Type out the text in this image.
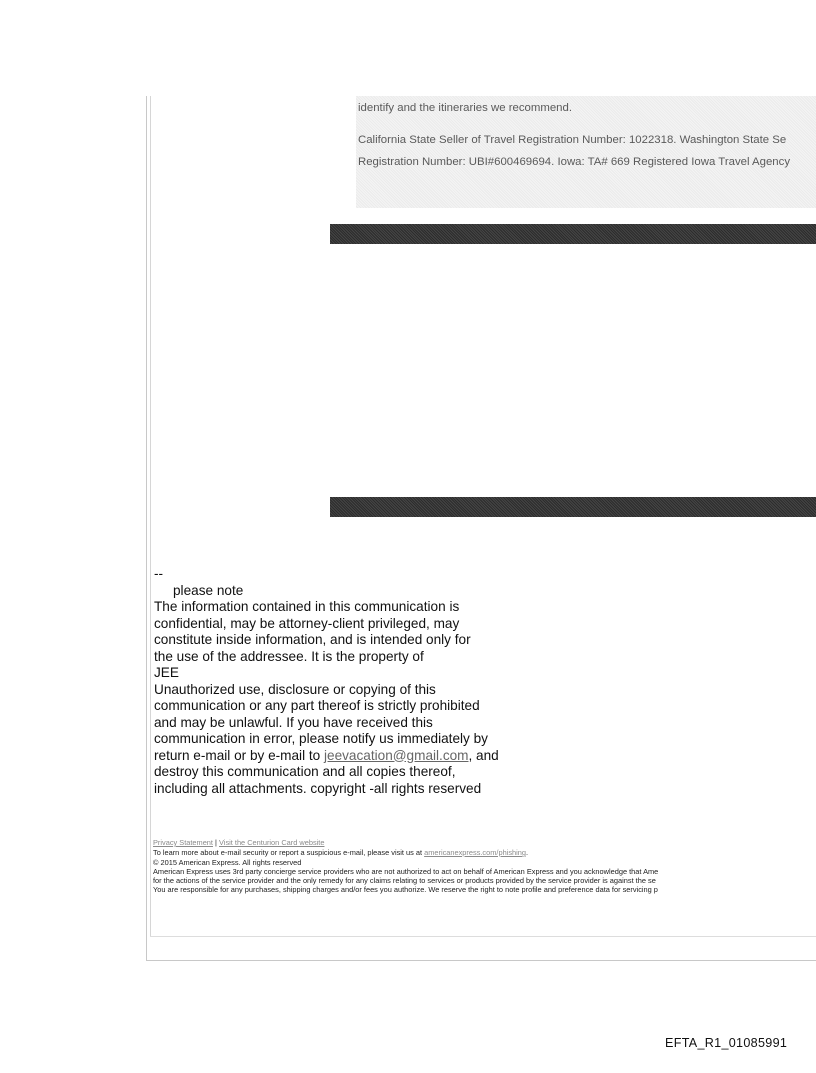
identify and the itineraries we recommend.
California State Seller of Travel Registration Number: 1022318. Washington State Se
Registration Number: UBI#600469694. Iowa: TA# 669 Registered Iowa Travel Agency
--
please note
The information contained in this communication is
confidential, may be attorney-client privileged, may
constitute inside information, and is intended only for
the use of the addressee. It is the property of
JEE
Unauthorized use, disclosure or copying of this
communication or any part thereof is strictly prohibited
and may be unlawful. If you have received this
communication in error, please notify us immediately by
return e-mail or by e-mail to jeevacation@gmail.com, and
destroy this communication and all copies thereof,
including all attachments. copyright -all rights reserved
Privacy Statement | Visit the Centurion Card website
To learn more about e-mail security or report a suspicious e-mail, please visit us at americanexpress.com/phishing.
© 2015 American Express. All rights reserved
American Express uses 3rd party concierge service providers who are not authorized to act on behalf of American Express and you acknowledge that Ame
for the actions of the service provider and the only remedy for any claims relating to services or products provided by the service provider is against the se
You are responsible for any purchases, shipping charges and/or fees you authorize. We reserve the right to note profile and preference data for servicing p
EFTA_R1_01085991
